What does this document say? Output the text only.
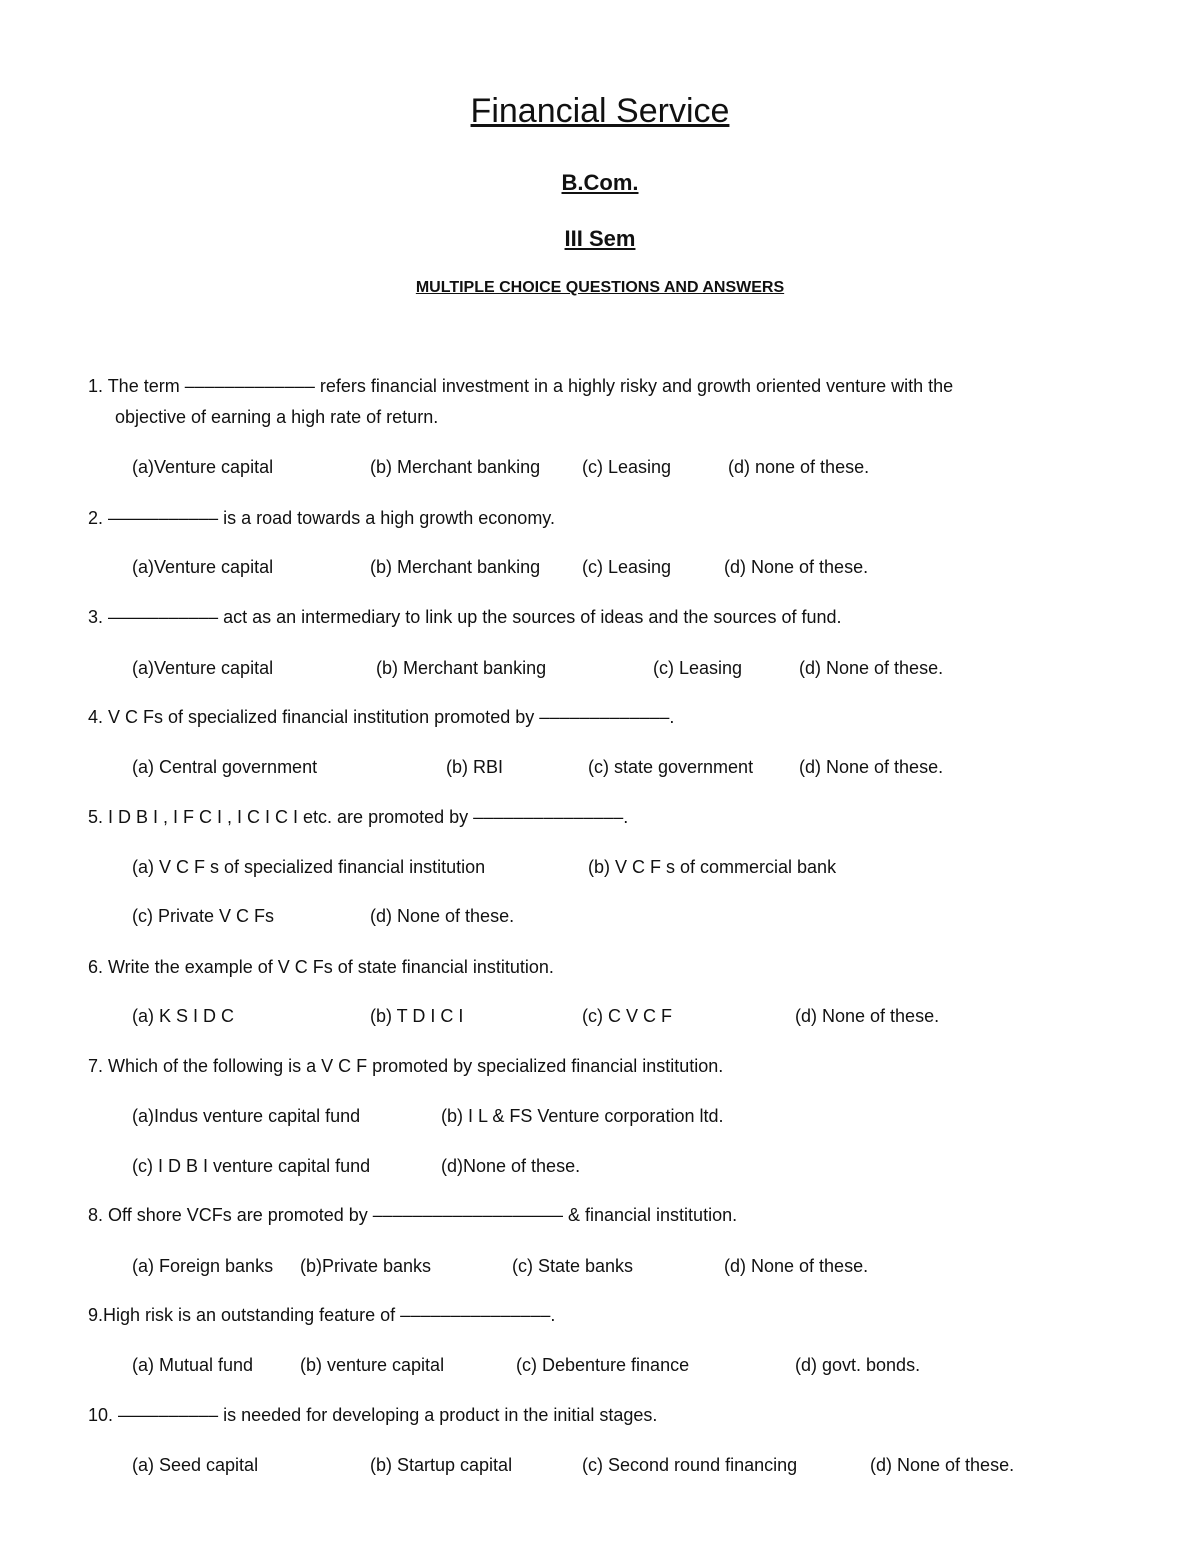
Financial Service
B.Com.
III Sem
MULTIPLE CHOICE QUESTIONS AND ANSWERS
1. The term ––––––––––––– refers financial investment in a highly risky and growth oriented venture with the
objective of earning a high rate of return.
(a)Venture capital	(b) Merchant banking (c) Leasing	(d) none of these.
2. ––––––––––– is a road towards a high growth economy.
(a)Venture capital	(b) Merchant banking (c) Leasing	(d) None of these.
3. ––––––––––– act as an intermediary to link up the sources of ideas and the sources of fund.
(a)Venture capital	(b) Merchant banking	(c) Leasing	(d) None of these.
4. V C Fs of specialized financial institution promoted by –––––––––––––.
(a) Central government	(b) RBI	(c) state government	(d) None of these.
5. I D B I , I F C I , I C I C I etc. are promoted by –––––––––––––––.
(a) V C F s of specialized financial institution	(b) V C F s of commercial bank
(c) Private V C Fs	(d) None of these.
6. Write the example of V C Fs of state financial institution.
(a) K S I D C	(b) T D I C I	(c) C V C F	(d) None of these.
7. Which of the following is a V C F promoted by specialized financial institution.
(a)Indus venture capital fund	(b) I L & FS Venture corporation ltd.
(c) I D B I venture capital fund	(d)None of these.
8. Off shore VCFs are promoted by ––––––––––––––––––– & financial institution.
(a) Foreign banks (b)Private banks	(c) State banks	(d) None of these.
9.High risk is an outstanding feature of –––––––––––––––.
(a) Mutual fund	(b) venture capital	(c) Debenture finance	(d) govt. bonds.
10. –––––––––– is needed for developing a product in the initial stages.
(a) Seed capital	(b) Startup capital	(c) Second round financing	(d) None of these.
